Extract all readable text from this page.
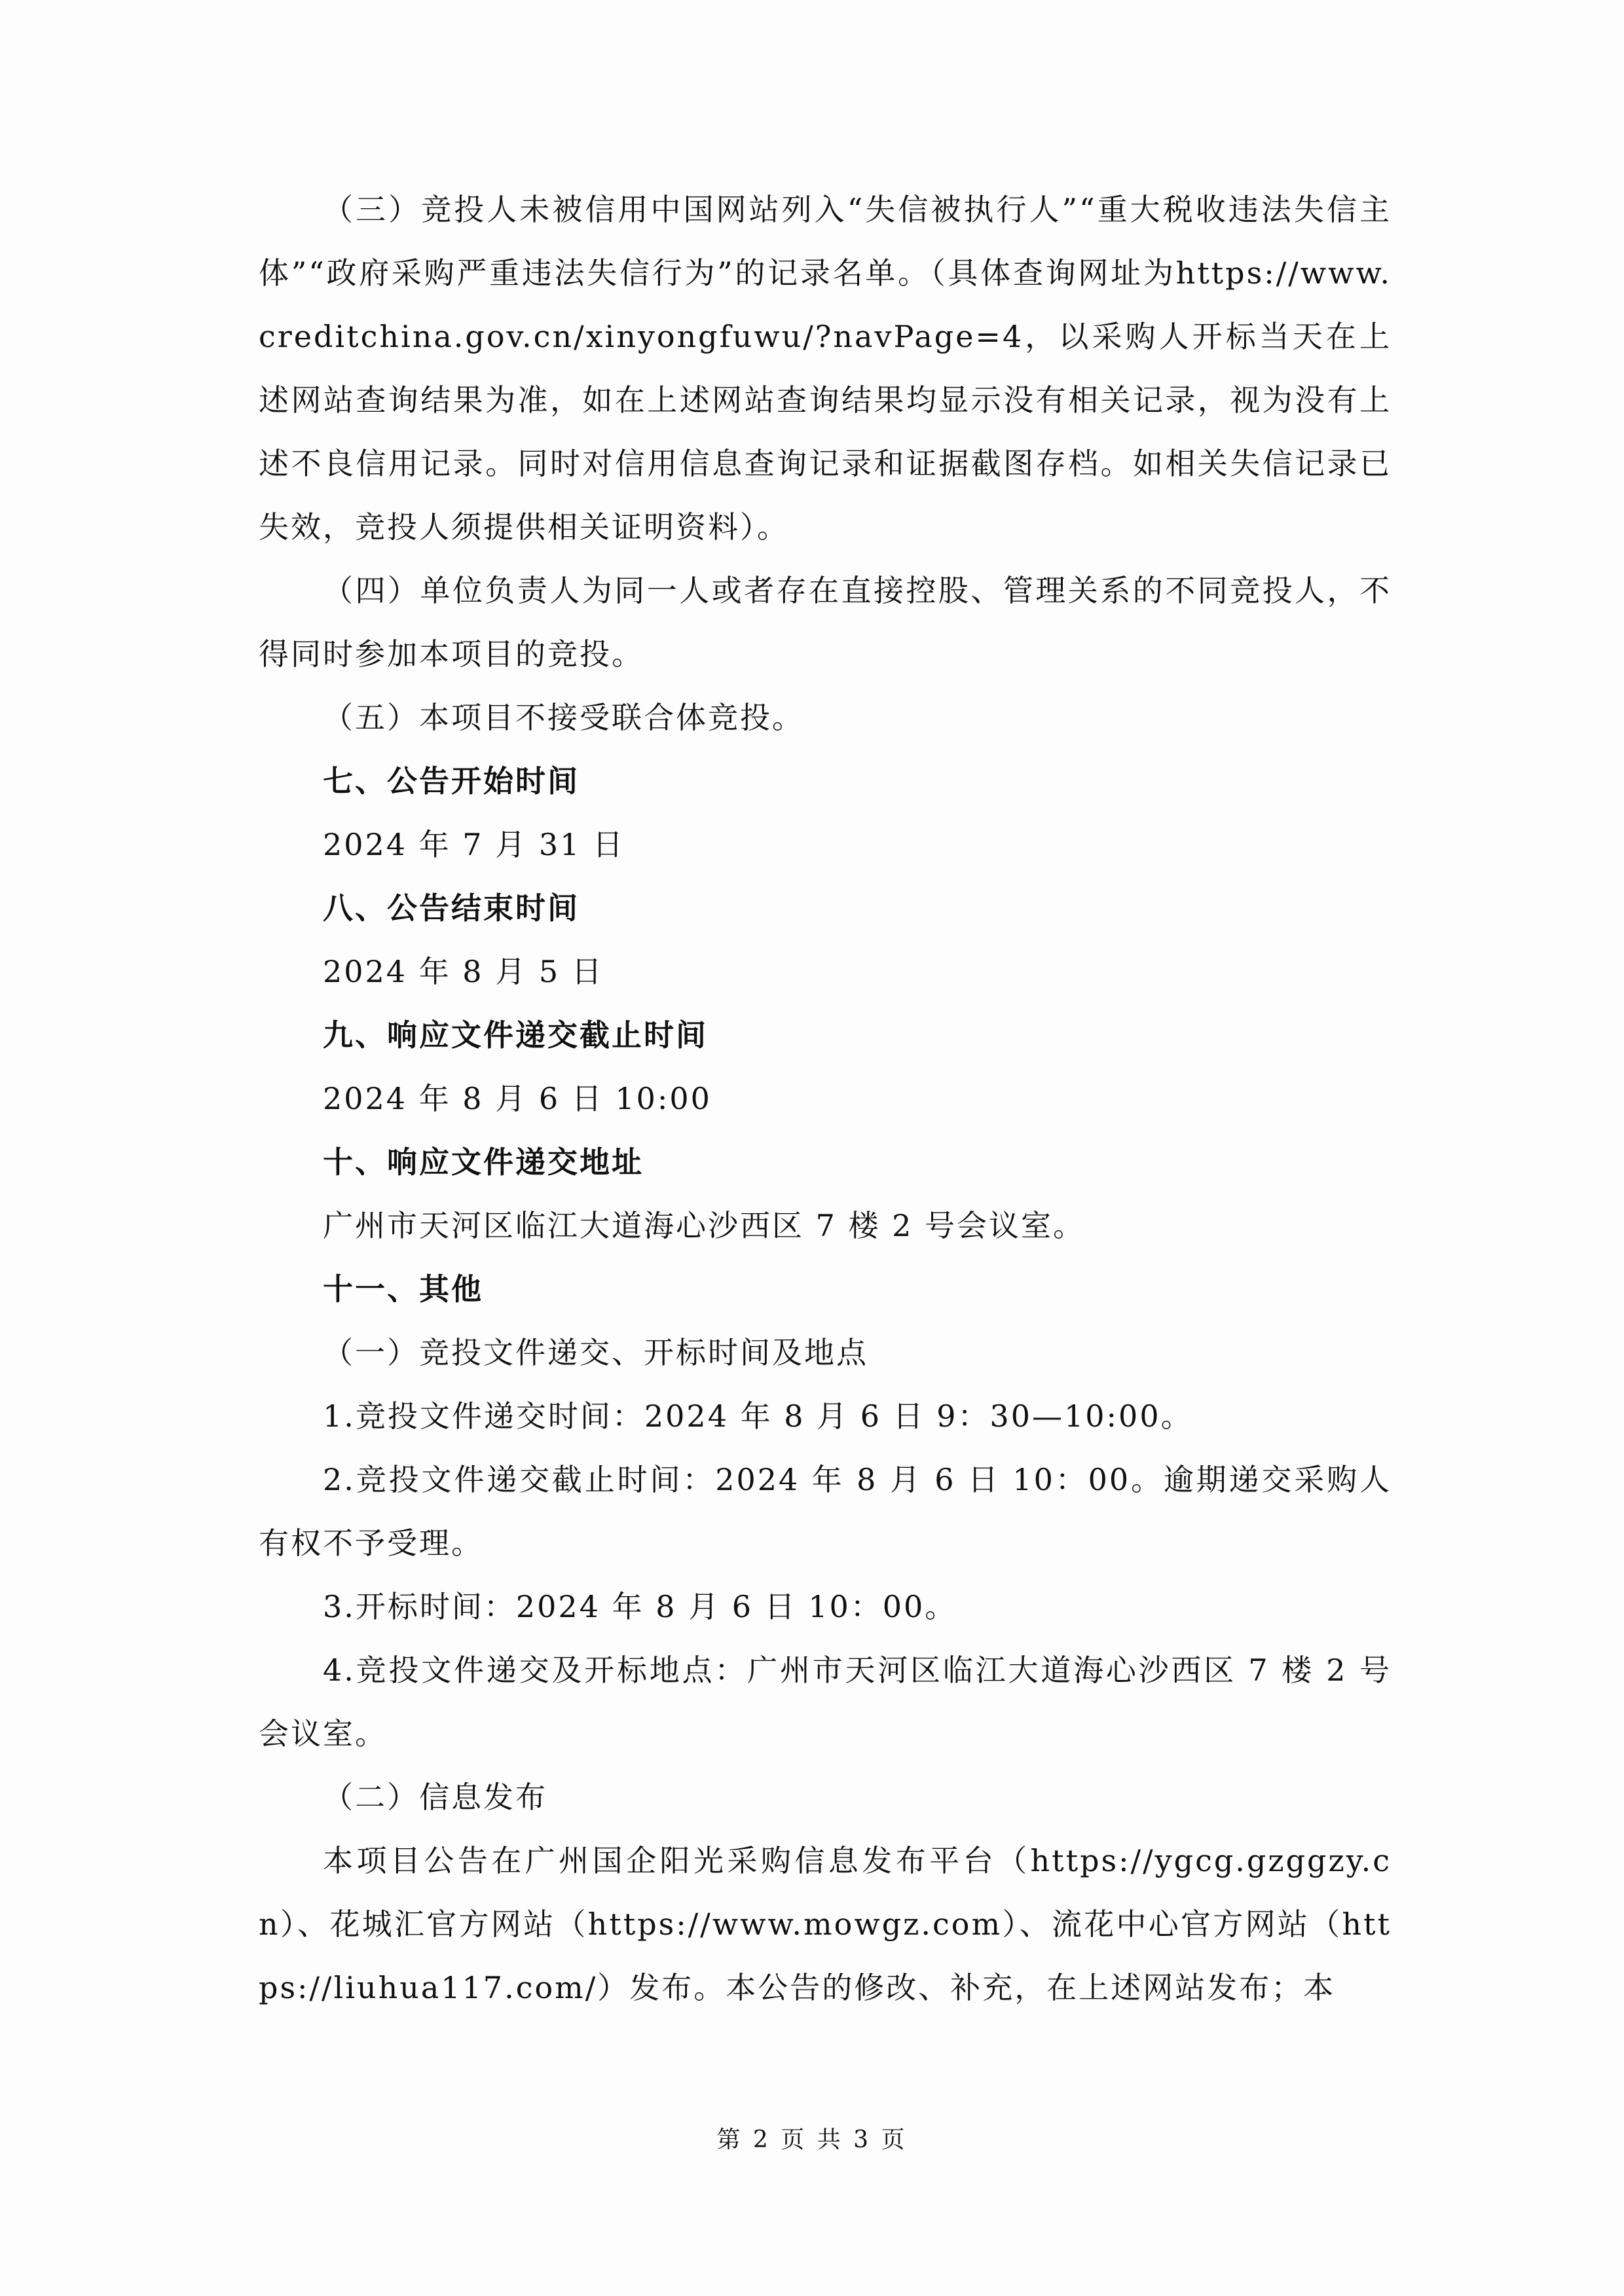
（三）竞投人未被信用中国网站列入“失信被执行人”“重大税收违法失信主体”“政府采购严重违法失信行为”的记录名单。（具体查询网址为https://www.creditchina.gov.cn/xinyongfuwu/?navPage=4，以采购人开标当天在上述网站查询结果为准，如在上述网站查询结果均显示没有相关记录，视为没有上述不良信用记录。同时对信用信息查询记录和证据截图存档。如相关失信记录已失效，竞投人须提供相关证明资料）。

（四）单位负责人为同一人或者存在直接控股、管理关系的不同竞投人，不得同时参加本项目的竞投。

（五）本项目不接受联合体竞投。

七、公告开始时间

2024 年 7 月 31 日

八、公告结束时间

2024 年 8 月 5 日

九、响应文件递交截止时间

2024 年 8 月 6 日 10:00

十、响应文件递交地址

广州市天河区临江大道海心沙西区 7 楼 2 号会议室。

十一、其他

（一）竞投文件递交、开标时间及地点

1.竞投文件递交时间：2024 年 8 月 6 日 9：30—10:00。

2.竞投文件递交截止时间：2024 年 8 月 6 日 10：00。逾期递交采购人有权不予受理。

3.开标时间：2024 年 8 月 6 日 10：00。

4.竞投文件递交及开标地点：广州市天河区临江大道海心沙西区 7 楼 2 号会议室。

（二）信息发布

本项目公告在广州国企阳光采购信息发布平台（https://ygcg.gzggzy.cn）、花城汇官方网站（https://www.mowgz.com）、流花中心官方网站（https://liuhua117.com/）发布。本公告的修改、补充，在上述网站发布；本

第 2 页 共 3 页
